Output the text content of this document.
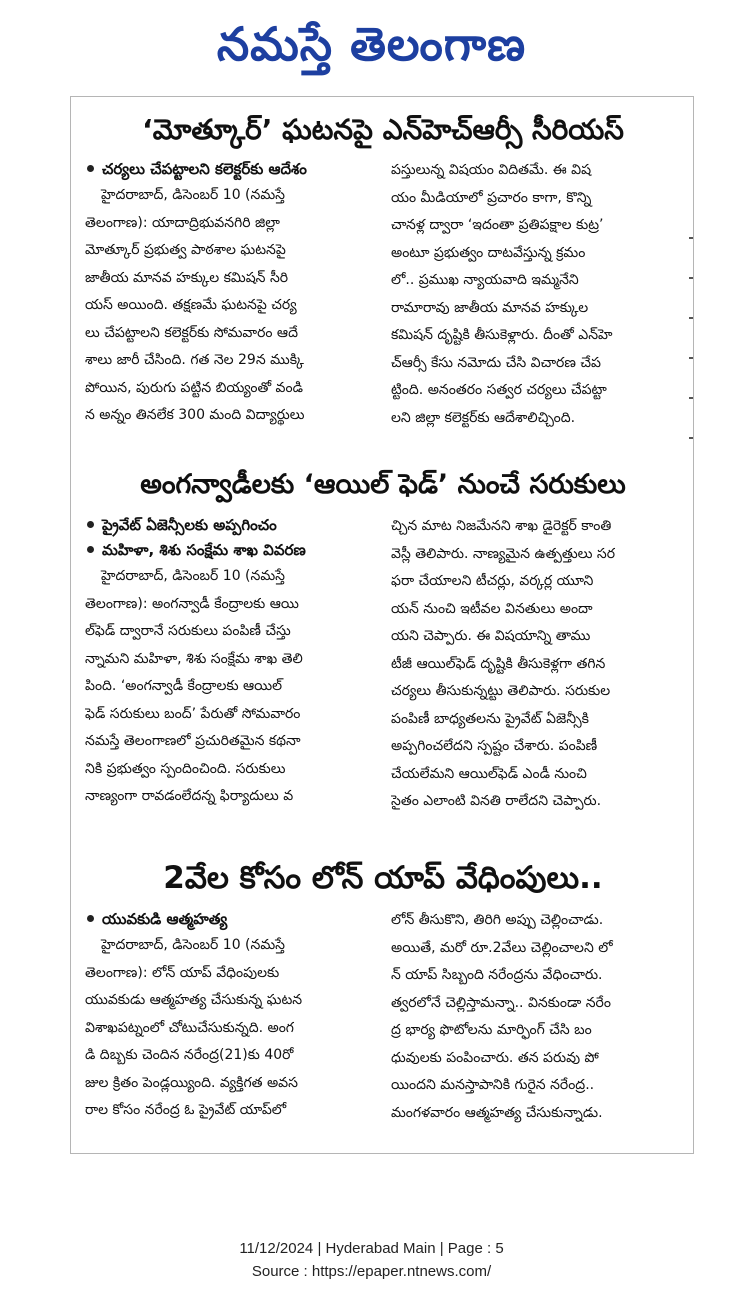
నమస్తే తెలంగాణ
‘మోత్కూర్’ ఘటనపై ఎన్‌హెచ్‌ఆర్సీ సీరియస్
చర్యలు చేపట్టాలని కలెక్టర్‌కు ఆదేశం
హైదరాబాద్, డిసెంబర్ 10 (నమస్తే
తెలంగాణ): యాదాద్రిభువనగిరి జిల్లా
మోత్కూర్ ప్రభుత్వ పాఠశాల ఘటనపై
జాతీయ మానవ హక్కుల కమిషన్ సీరి
యస్ అయింది. తక్షణమే ఘటనపై చర్య
లు చేపట్టాలని కలెక్టర్‌కు సోమవారం ఆదే
శాలు జారీ చేసింది. గత నెల 29న ముక్కి
పోయిన, పురుగు పట్టిన బియ్యంతో వండి
న అన్నం తినలేక 300 మంది విద్యార్థులు
పస్తులున్న విషయం విదితమే. ఈ విష
యం మీడియాలో ప్రచారం కాగా, కొన్ని
చానళ్ల ద్వారా ‘ఇదంతా ప్రతిపక్షాల కుట్ర’
అంటూ ప్రభుత్వం దాటవేస్తున్న క్రమం
లో.. ప్రముఖ న్యాయవాది ఇమ్మనేని
రామారావు జాతీయ మానవ హక్కుల
కమిషన్ దృష్టికి తీసుకెళ్లారు. దీంతో ఎన్‌హె
చ్‌ఆర్సీ కేసు నమోదు చేసి విచారణ చేప
ట్టింది. అనంతరం సత్వర చర్యలు చేపట్టా
లని జిల్లా కలెక్టర్‌కు ఆదేశాలిచ్చింది.
అంగన్వాడీలకు ‘ఆయిల్ ఫెడ్’ నుంచే సరుకులు
ప్రైవేట్ ఏజెన్సీలకు అప్పగించం
మహిళా, శిశు సంక్షేమ శాఖ వివరణ
హైదరాబాద్, డిసెంబర్ 10 (నమస్తే
తెలంగాణ): అంగన్వాడీ కేంద్రాలకు ఆయి
ల్‌ఫెడ్ ద్వారానే సరుకులు పంపిణీ చేస్తు
న్నామని మహిళా, శిశు సంక్షేమ శాఖ తెలి
పింది. ‘అంగన్వాడీ కేంద్రాలకు ఆయిల్
ఫెడ్ సరుకులు బంద్’ పేరుతో సోమవారం
నమస్తే తెలంగాణలో ప్రచురితమైన కథనా
నికి ప్రభుత్వం స్పందించింది. సరుకులు
నాణ్యంగా రావడంలేదన్న ఫిర్యాదులు వ
చ్చిన మాట నిజమేనని శాఖ డైరెక్టర్ కాంతి
వెస్లీ తెలిపారు. నాణ్యమైన ఉత్పత్తులు సర
ఫరా చేయాలని టీచర్లు, వర్కర్ల యూని
యన్ నుంచి ఇటీవల వినతులు అందా
యని చెప్పారు. ఈ విషయాన్ని తాము
టీజీ ఆయిల్‌ఫెడ్ దృష్టికి తీసుకెళ్లగా తగిన
చర్యలు తీసుకున్నట్టు తెలిపారు. సరుకుల
పంపిణీ బాధ్యతలను ప్రైవేట్ ఏజెన్సీకి
అప్పగించలేదని స్పష్టం చేశారు. పంపిణీ
చేయలేమని ఆయిల్‌ఫెడ్ ఎండీ నుంచి
సైతం ఎలాంటి వినతి రాలేదని చెప్పారు.
2వేల కోసం లోన్ యాప్ వేధింపులు..
యువకుడి ఆత్మహత్య
హైదరాబాద్, డిసెంబర్ 10 (నమస్తే
తెలంగాణ): లోన్ యాప్ వేధింపులకు
యువకుడు ఆత్మహత్య చేసుకున్న ఘటన
విశాఖపట్నంలో చోటుచేసుకున్నది. అంగ
డి దిబ్బకు చెందిన నరేంద్ర(21)కు 40రో
జుల క్రితం పెండ్లయ్యింది. వ్యక్తిగత అవస
రాల కోసం నరేంద్ర ఓ ప్రైవేట్ యాప్‌లో
లోన్ తీసుకొని, తిరిగి అప్పు చెల్లించాడు.
అయితే, మరో రూ.2వేలు చెల్లించాలని లో
న్ యాప్ సిబ్బంది నరేంద్రను వేధించారు.
త్వరలోనే చెల్లిస్తామన్నా.. వినకుండా నరేం
ద్ర భార్య ఫొటోలను మార్ఫింగ్ చేసి బం
ధువులకు పంపించారు. తన పరువు పో
యిందని మనస్తాపానికి గురైన నరేంద్ర..
మంగళవారం ఆత్మహత్య చేసుకున్నాడు.
11/12/2024 | Hyderabad Main | Page : 5
Source : https://epaper.ntnews.com/
